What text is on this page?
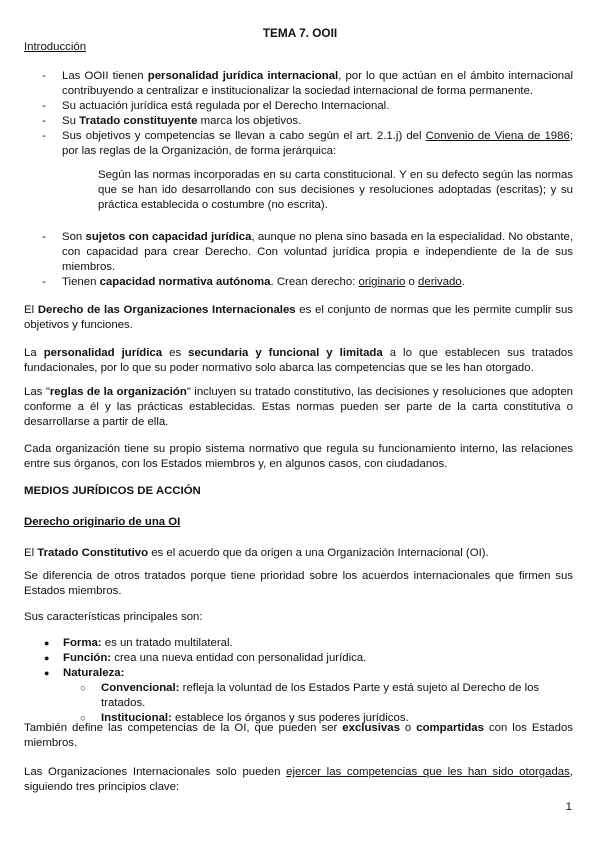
TEMA 7. OOII
Introducción
- Las OOII tienen personalidad jurídica internacional, por lo que actúan en el ámbito internacional contribuyendo a centralizar e institucionalizar la sociedad internacional de forma permanente.
- Su actuación jurídica está regulada por el Derecho Internacional.
- Su Tratado constituyente marca los objetivos.
- Sus objetivos y competencias se llevan a cabo según el art. 2.1.j) del Convenio de Viena de 1986; por las reglas de la Organización, de forma jerárquica:
Según las normas incorporadas en su carta constitucional. Y en su defecto según las normas que se han ido desarrollando con sus decisiones y resoluciones adoptadas (escritas); y su práctica establecida o costumbre (no escrita).
- Son sujetos con capacidad jurídica, aunque no plena sino basada en la especialidad. No obstante, con capacidad para crear Derecho. Con voluntad jurídica propia e independiente de la de sus miembros.
- Tienen capacidad normativa autónoma. Crean derecho: originario o derivado.
El Derecho de las Organizaciones Internacionales es el conjunto de normas que les permite cumplir sus objetivos y funciones.
La personalidad jurídica es secundaria y funcional y limitada a lo que establecen sus tratados fundacionales, por lo que su poder normativo solo abarca las competencias que se les han otorgado.
Las "reglas de la organización" incluyen su tratado constitutivo, las decisiones y resoluciones que adopten conforme a él y las prácticas establecidas. Estas normas pueden ser parte de la carta constitutiva o desarrollarse a partir de ella.
Cada organización tiene su propio sistema normativo que regula su funcionamiento interno, las relaciones entre sus órganos, con los Estados miembros y, en algunos casos, con ciudadanos.
MEDIOS JURÍDICOS DE ACCIÓN
Derecho originario de una OI
El Tratado Constitutivo es el acuerdo que da origen a una Organización Internacional (OI).
Se diferencia de otros tratados porque tiene prioridad sobre los acuerdos internacionales que firmen sus Estados miembros.
Sus características principales son:
● Forma: es un tratado multilateral.
● Función: crea una nueva entidad con personalidad jurídica.
● Naturaleza:
○ Convencional: refleja la voluntad de los Estados Parte y está sujeto al Derecho de los tratados.
○ Institucional: establece los órganos y sus poderes jurídicos.
También define las competencias de la OI, que pueden ser exclusivas o compartidas con los Estados miembros.
Las Organizaciones Internacionales solo pueden ejercer las competencias que les han sido otorgadas, siguiendo tres principios clave:
1
